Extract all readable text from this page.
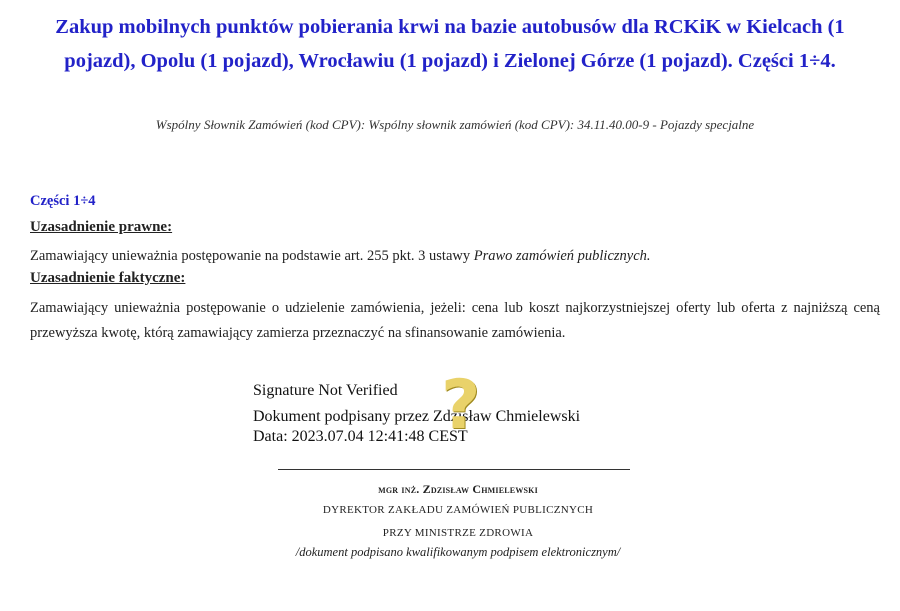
Zakup mobilnych punktów pobierania krwi na bazie autobusów dla RCKiK w Kielcach (1 pojazd), Opolu (1 pojazd), Wrocławiu (1 pojazd) i Zielonej Górze (1 pojazd). Części 1÷4.
Wspólny Słownik Zamówień (kod CPV): Wspólny słownik zamówień (kod CPV): 34.11.40.00-9 - Pojazdy specjalne
Części 1÷4
Uzasadnienie prawne:
Zamawiający unieważnia postępowanie na podstawie art. 255 pkt. 3 ustawy Prawo zamówień publicznych.
Uzasadnienie faktyczne:
Zamawiający unieważnia postępowanie o udzielenie zamówienia, jeżeli: cena lub koszt najkorzystniejszej oferty lub oferta z najniższą ceną przewyższa kwotę, którą zamawiający zamierza przeznaczyć na sfinansowanie zamówienia.
Signature Not Verified
Dokument podpisany przez Zdzisław Chmielewski
Data: 2023.07.04 12:41:48 CEST
?
mgr inż. Zdzisław Chmielewski
DYREKTOR ZAKŁADU ZAMÓWIEŃ PUBLICZNYCH
PRZY MINISTRZE ZDROWIA
/dokument podpisano kwalifikowanym podpisem elektronicznym/
